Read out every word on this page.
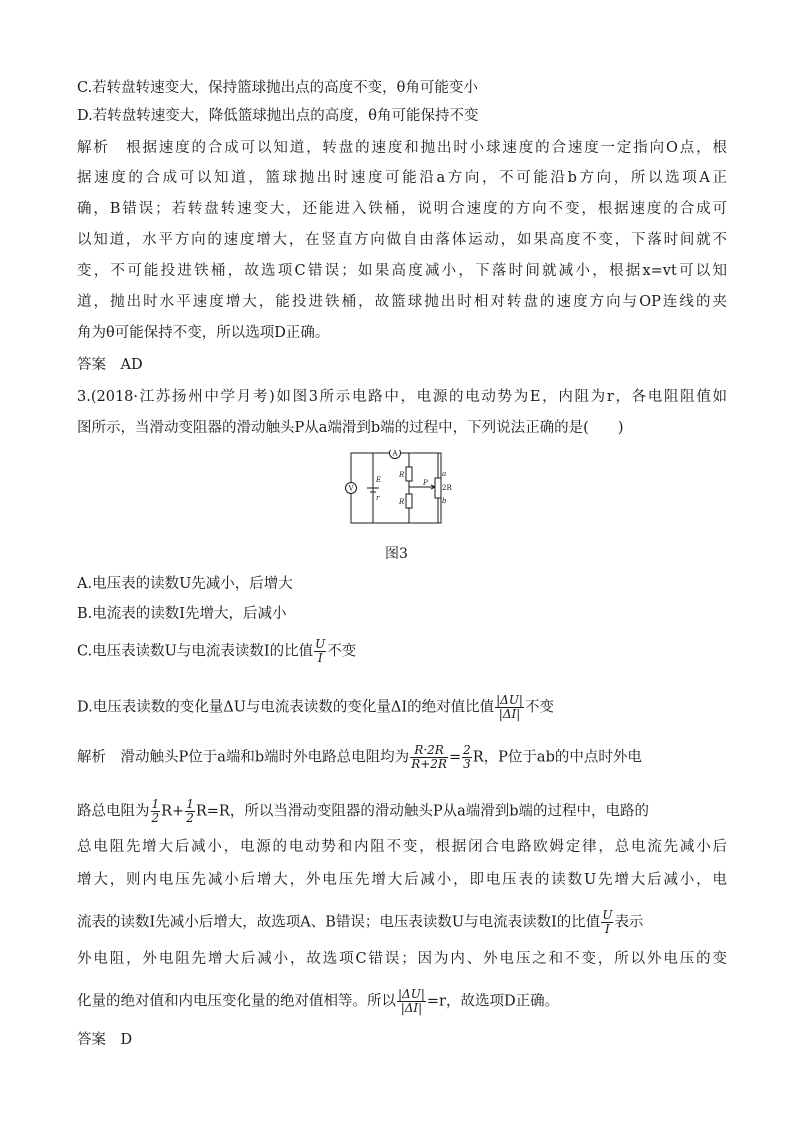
C.若转盘转速变大，保持篮球抛出点的高度不变，θ角可能变小
D.若转盘转速变大，降低篮球抛出点的高度，θ角可能保持不变
解析　根据速度的合成可以知道，转盘的速度和抛出时小球速度的合速度一定指向O点，根
据速度的合成可以知道，篮球抛出时速度可能沿a方向，不可能沿b方向，所以选项A正
确，B错误；若转盘转速变大，还能进入铁桶，说明合速度的方向不变，根据速度的合成可
以知道，水平方向的速度增大，在竖直方向做自由落体运动，如果高度不变，下落时间就不
变，不可能投进铁桶，故选项C错误；如果高度减小，下落时间就减小，根据x=vt可以知
道，抛出时水平速度增大，能投进铁桶，故篮球抛出时相对转盘的速度方向与OP连线的夹
角为θ可能保持不变，所以选项D正确。
答案　AD
3.(2018·江苏扬州中学月考)如图3所示电路中，电源的电动势为E，内阻为r，各电阻阻值如
图所示，当滑动变阻器的滑动触头P从a端滑到b端的过程中，下列说法正确的是(　　)
V
A
E
r
R
R
P
a
b
2R
图3
A.电压表的读数U先减小，后增大
B.电流表的读数I先增大，后减小
C.电压表读数U与电流表读数I的比值 $\frac{U}{I}$ 不变
D.电压表读数的变化量ΔU与电流表读数的变化量ΔI的绝对值比值 $\frac{|\Delta U|}{|\Delta I|}$ 不变
解析　滑动触头P位于a端和b端时外电路总电阻均为 $\frac{R\cdot 2R}{R+2R} = \frac{2}{3}$ R，P位于ab的中点时外电
路总电阻为 $\frac{1}{2} R+ \frac{1}{2} R=R$，所以当滑动变阻器的滑动触头P从a端滑到b端的过程中，电路的
总电阻先增大后减小，电源的电动势和内阻不变，根据闭合电路欧姆定律，总电流先减小后
增大，则内电压先减小后增大，外电压先增大后减小，即电压表的读数U先增大后减小，电
流表的读数I先减小后增大，故选项A、B错误；电压表读数U与电流表读数I的比值 $\frac{U}{I}$ 表示
外电阻，外电阻先增大后减小，故选项C错误；因为内、外电压之和不变，所以外电压的变
化量的绝对值和内电压变化量的绝对值相等。所以 $\frac{|\Delta U|}{|\Delta I|} =r$，故选项D正确。
答案　D
